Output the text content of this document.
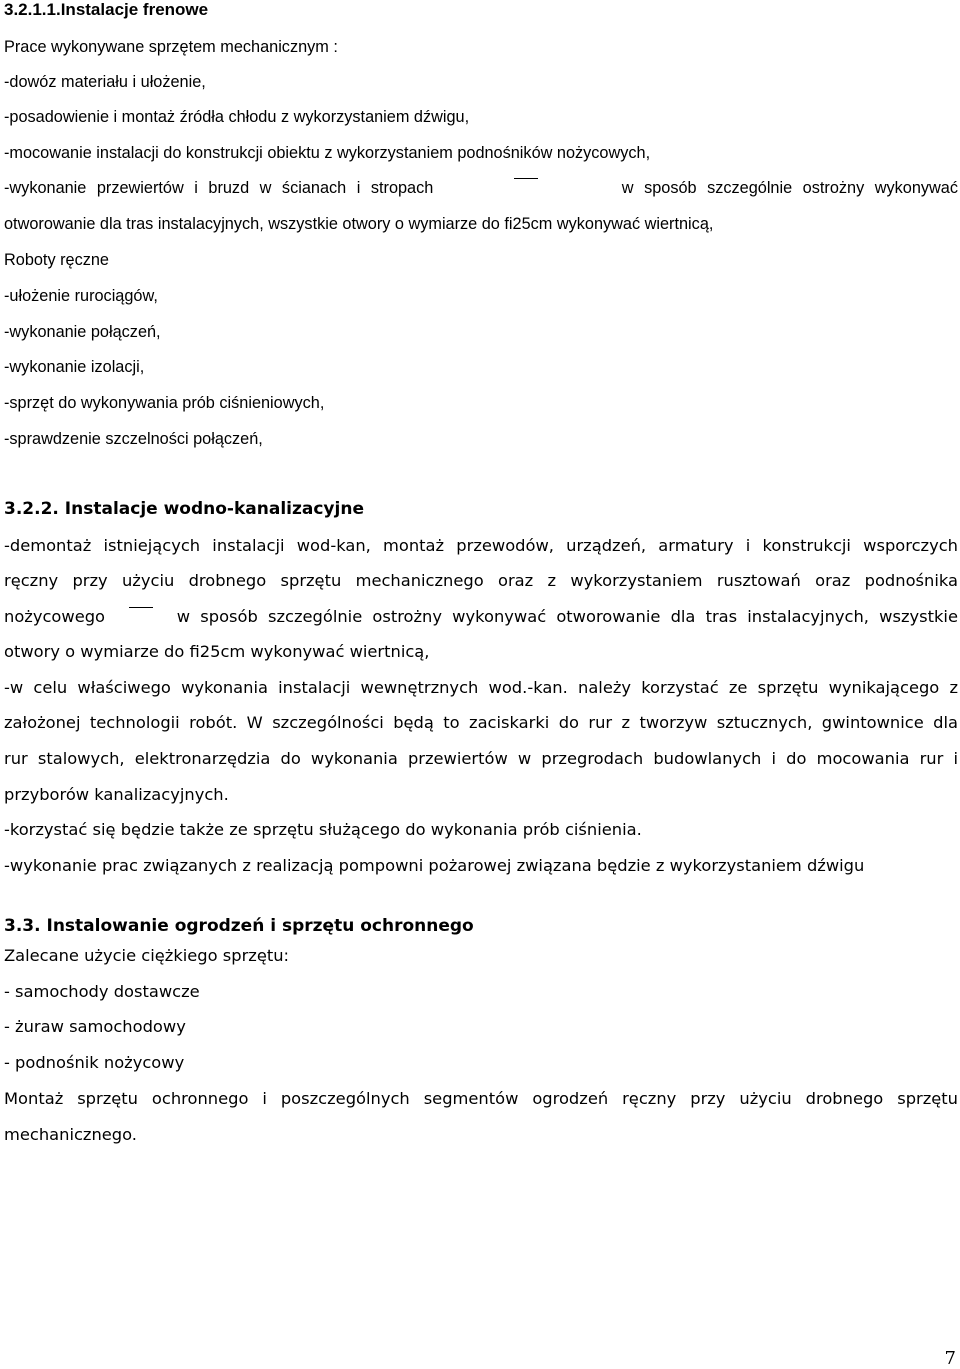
3.2.1.1.Instalacje frenowe
Prace wykonywane sprzętem mechanicznym :
-dowóz materiału i ułożenie,
-posadowienie i montaż źródła chłodu z wykorzystaniem dźwigu,
-mocowanie instalacji do konstrukcji obiektu z wykorzystaniem podnośników nożycowych,
-wykonanie przewiertów i bruzd w ścianach i stropach	w sposób szczególnie ostrożny wykonywać
otworowanie dla tras instalacyjnych, wszystkie otwory o wymiarze do fi25cm wykonywać wiertnicą,
Roboty ręczne
-ułożenie rurociągów,
-wykonanie połączeń,
-wykonanie izolacji,
-sprzęt do wykonywania prób ciśnieniowych,
-sprawdzenie szczelności połączeń,
3.2.2. Instalacje wodno-kanalizacyjne
-demontaż istniejących instalacji wod-kan, montaż przewodów, urządzeń, armatury i konstrukcji wsporczych
ręczny przy użyciu drobnego sprzętu mechanicznego oraz z wykorzystaniem rusztowań oraz podnośnika
nożycowego	w sposób szczególnie ostrożny wykonywać otworowanie dla tras instalacyjnych, wszystkie
otwory o wymiarze do fi25cm wykonywać wiertnicą,
-w celu właściwego wykonania instalacji wewnętrznych wod.-kan. należy korzystać ze sprzętu wynikającego z
założonej technologii robót. W szczególności będą to zaciskarki do rur z tworzyw sztucznych, gwintownice dla
rur stalowych, elektronarzędzia do wykonania przewiertów w przegrodach budowlanych i do mocowania rur i
przyborów kanalizacyjnych.
-korzystać się będzie także ze sprzętu służącego do wykonania prób ciśnienia.
-wykonanie prac związanych z realizacją pompowni pożarowej związana będzie z wykorzystaniem dźwigu
3.3. Instalowanie ogrodzeń i sprzętu ochronnego
Zalecane użycie ciężkiego sprzętu:
- samochody dostawcze
- żuraw samochodowy
- podnośnik nożycowy
Montaż sprzętu ochronnego i poszczególnych segmentów ogrodzeń ręczny przy użyciu drobnego sprzętu
mechanicznego.
7
